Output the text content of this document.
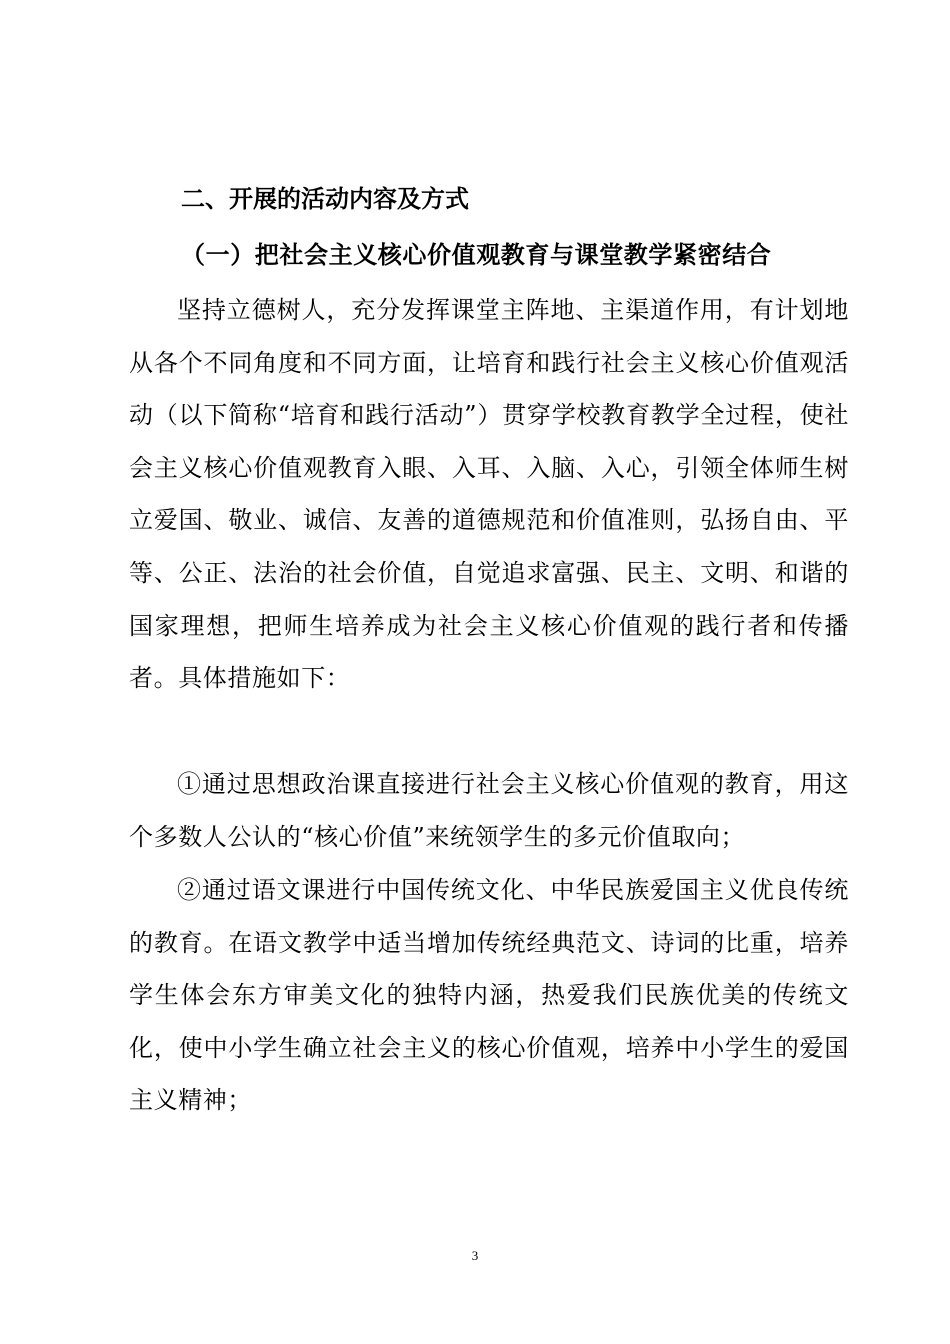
二、开展的活动内容及方式
（一）把社会主义核心价值观教育与课堂教学紧密结合

坚持立德树人，充分发挥课堂主阵地、主渠道作用，有计划地从各个不同角度和不同方面，让培育和践行社会主义核心价值观活动（以下简称“培育和践行活动”）贯穿学校教育教学全过程，使社会主义核心价值观教育入眼、入耳、入脑、入心，引领全体师生树立爱国、敬业、诚信、友善的道德规范和价值准则，弘扬自由、平等、公正、法治的社会价值，自觉追求富强、民主、文明、和谐的国家理想，把师生培养成为社会主义核心价值观的践行者和传播者。具体措施如下：

①通过思想政治课直接进行社会主义核心价值观的教育，用这个多数人公认的“核心价值”来统领学生的多元价值取向；

②通过语文课进行中国传统文化、中华民族爱国主义优良传统的教育。在语文教学中适当增加传统经典范文、诗词的比重，培养学生体会东方审美文化的独特内涵，热爱我们民族优美的传统文化，使中小学生确立社会主义的核心价值观，培养中小学生的爱国主义精神；

3
